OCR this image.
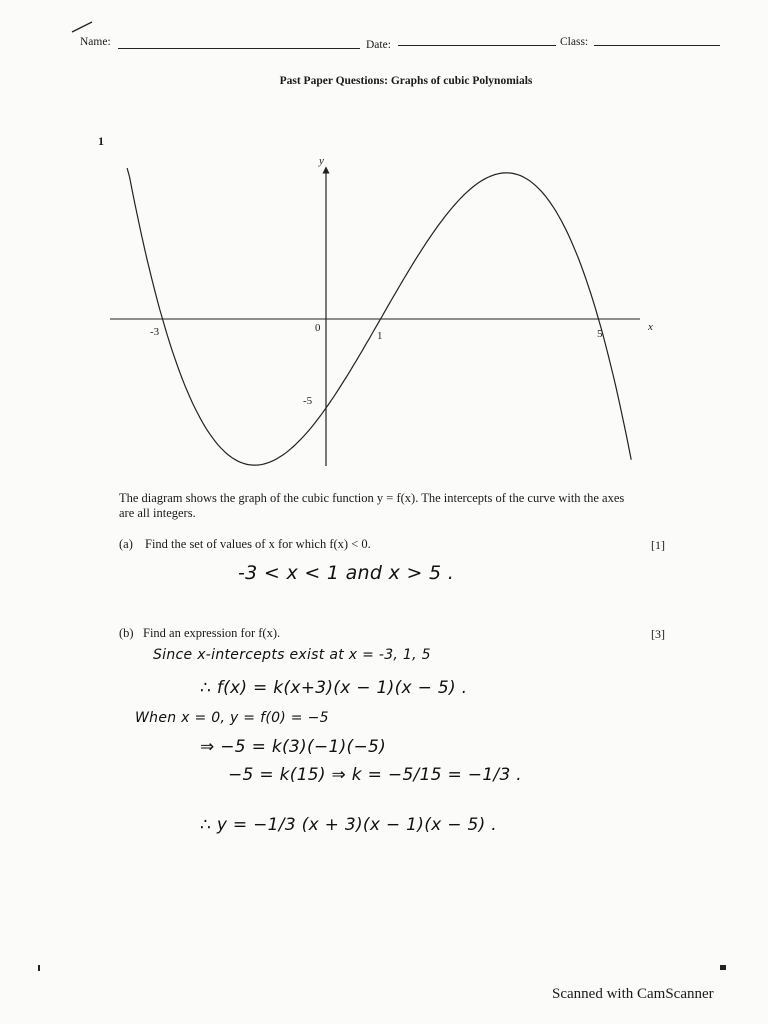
Name:	Date:	Class:
Past Paper Questions: Graphs of cubic Polynomials
1
y
x
0
-3	1	5
-5
The diagram shows the graph of the cubic function y = f(x). The intercepts of the curve with the axes
are all integers.
(a) Find the set of values of x for which f(x) < 0.	[1]
-3 < x < 1 and x > 5 .
(b) Find an expression for f(x).	[3]
Since x-intercepts exist at x = -3, 1, 5
∴ f(x) = k(x+3)(x − 1)(x − 5) .
When x = 0, y = f(0) = −5
⇒ −5 = k(3)(−1)(−5)
−5 = k(15) ⇒ k = −5/15 = −1/3 .
∴ y = −1/3 (x + 3)(x − 1)(x − 5) .
Scanned with CamScanner
